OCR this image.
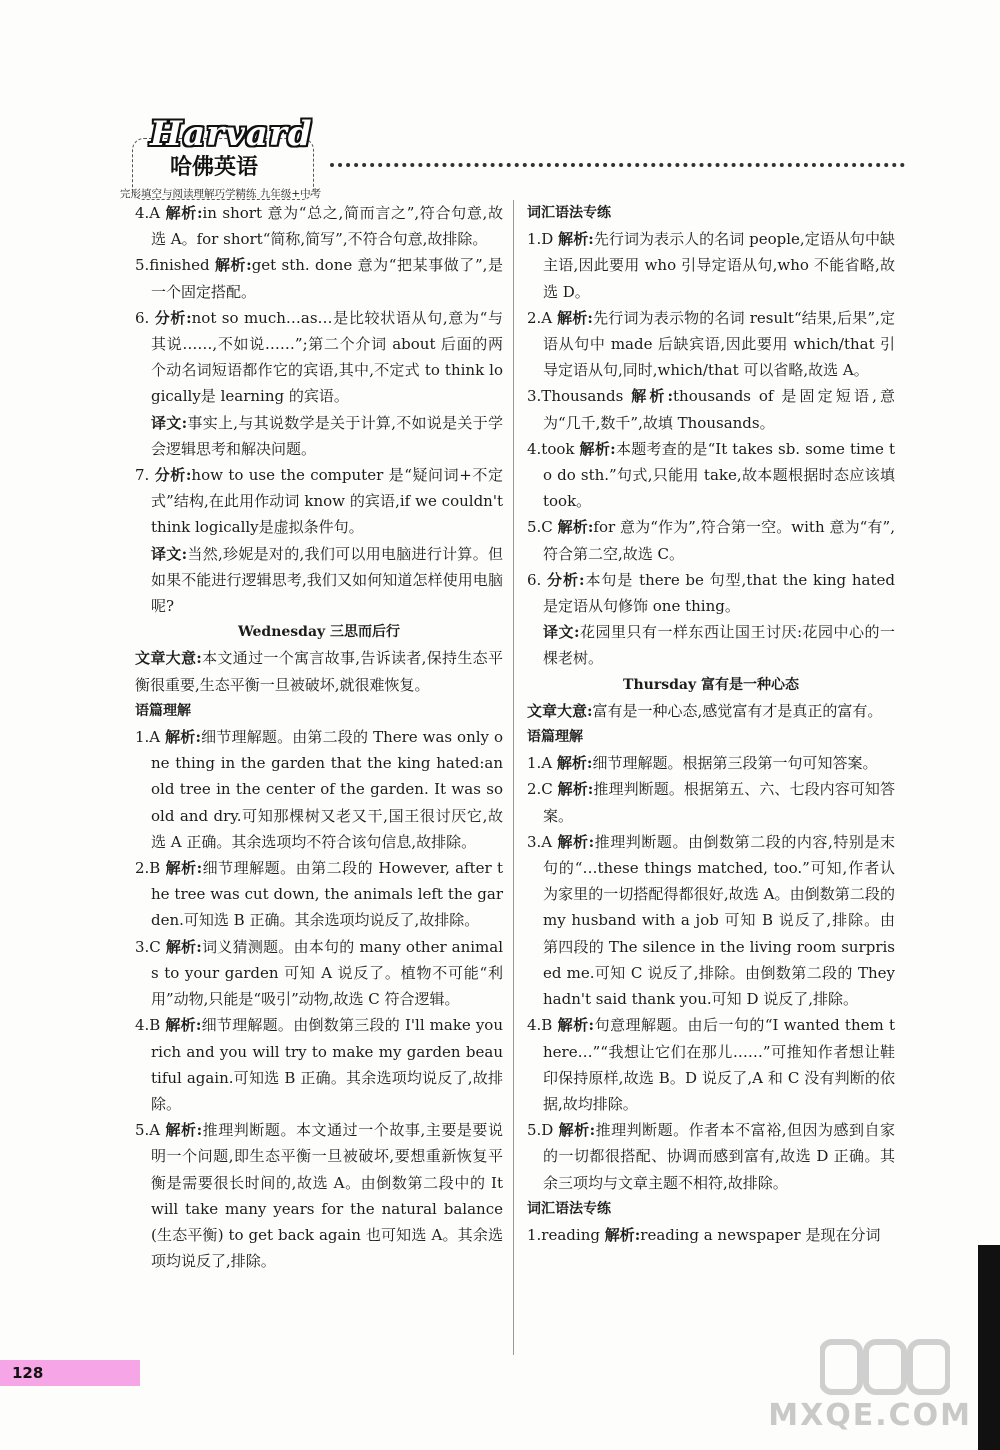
Harvard
哈佛英语
完形填空与阅读理解巧学精练 九年级+中考

4.A 解析:in short 意为“总之,简而言之”,符合句意,故选 A。for short“简称,简写”,不符合句意,故排除。

5.finished 解析:get sth. done 意为“把某事做了”,是一个固定搭配。

6. 分析:not so much…as…是比较状语从句,意为“与其说……,不如说……”;第二个介词 about 后面的两个动名词短语都作它的宾语,其中,不定式 to think logically是 learning 的宾语。

译文:事实上,与其说数学是关于计算,不如说是关于学会逻辑思考和解决问题。

7. 分析:how to use the computer 是“疑问词+不定式”结构,在此用作动词 know 的宾语,if we couldn't think logically是虚拟条件句。

译文:当然,珍妮是对的,我们可以用电脑进行计算。但如果不能进行逻辑思考,我们又如何知道怎样使用电脑呢?

Wednesday 三思而后行

文章大意:本文通过一个寓言故事,告诉读者,保持生态平衡很重要,生态平衡一旦被破坏,就很难恢复。

语篇理解

1.A 解析:细节理解题。由第二段的 There was only one thing in the garden that the king hated:an old tree in the center of the garden. It was so old and dry.可知那棵树又老又干,国王很讨厌它,故选 A 正确。其余选项均不符合该句信息,故排除。

2.B 解析:细节理解题。由第二段的 However, after the tree was cut down, the animals left the garden.可知选 B 正确。其余选项均说反了,故排除。

3.C 解析:词义猜测题。由本句的 many other animals to your garden 可知 A 说反了。植物不可能“利用”动物,只能是“吸引”动物,故选 C 符合逻辑。

4.B 解析:细节理解题。由倒数第三段的 I'll make you rich and you will try to make my garden beautiful again.可知选 B 正确。其余选项均说反了,故排除。

5.A 解析:推理判断题。本文通过一个故事,主要是要说明一个问题,即生态平衡一旦被破坏,要想重新恢复平衡是需要很长时间的,故选 A。由倒数第二段中的 It will take many years for the natural balance(生态平衡) to get back again 也可知选 A。其余选项均说反了,排除。

词汇语法专练

1.D 解析:先行词为表示人的名词 people,定语从句中缺主语,因此要用 who 引导定语从句,who 不能省略,故选 D。

2.A 解析:先行词为表示物的名词 result“结果,后果”,定语从句中 made 后缺宾语,因此要用 which/that 引导定语从句,同时,which/that 可以省略,故选 A。

3.Thousands 解析:thousands of 是固定短语,意为“几千,数千”,故填 Thousands。

4.took 解析:本题考查的是“It takes sb. some time to do sth.”句式,只能用 take,故本题根据时态应该填 took。

5.C 解析:for 意为“作为”,符合第一空。with 意为“有”,符合第二空,故选 C。

6. 分析:本句是 there be 句型,that the king hated 是定语从句修饰 one thing。

译文:花园里只有一样东西让国王讨厌:花园中心的一棵老树。

Thursday 富有是一种心态

文章大意:富有是一种心态,感觉富有才是真正的富有。

语篇理解

1.A 解析:细节理解题。根据第三段第一句可知答案。

2.C 解析:推理判断题。根据第五、六、七段内容可知答案。

3.A 解析:推理判断题。由倒数第二段的内容,特别是末句的“…these things matched, too.”可知,作者认为家里的一切搭配得都很好,故选 A。由倒数第二段的 my husband with a job 可知 B 说反了,排除。由第四段的 The silence in the living room surprised me.可知 C 说反了,排除。由倒数第二段的 They hadn't said thank you.可知 D 说反了,排除。

4.B 解析:句意理解题。由后一句的“I wanted them there…”“我想让它们在那儿……”可推知作者想让鞋印保持原样,故选 B。D 说反了,A 和 C 没有判断的依据,故均排除。

5.D 解析:推理判断题。作者本不富裕,但因为感到自家的一切都很搭配、协调而感到富有,故选 D 正确。其余三项均与文章主题不相符,故排除。

词汇语法专练

1.reading 解析:reading a newspaper 是现在分词

128
MXQE.COM
